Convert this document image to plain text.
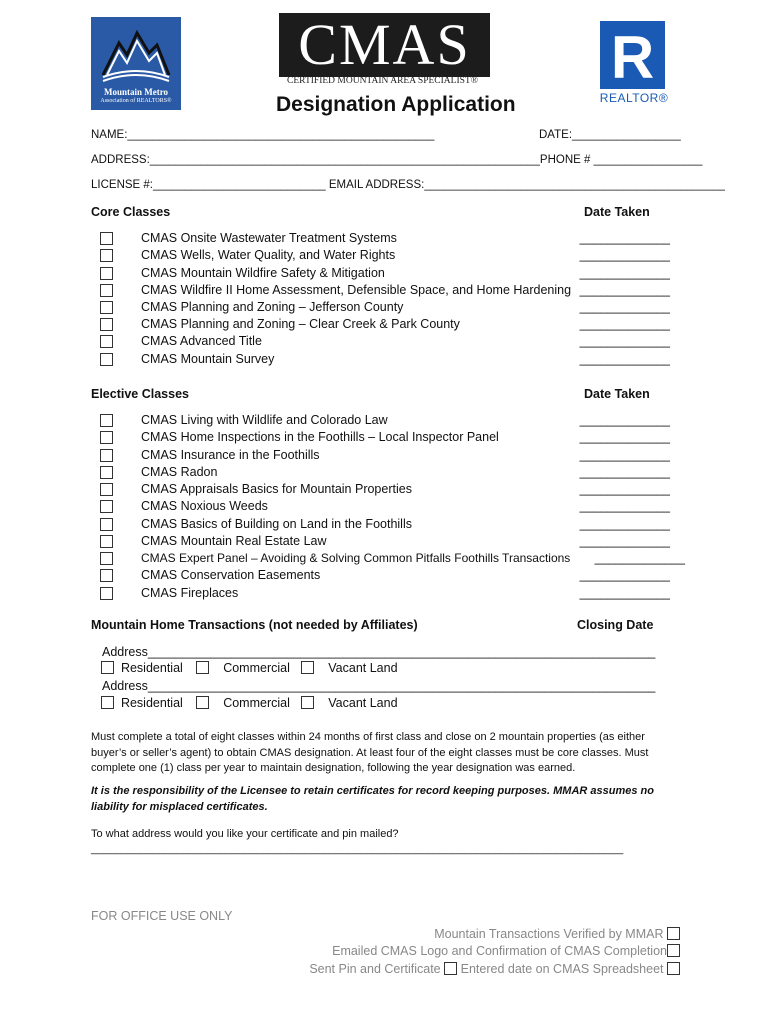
Mountain Metro
Association of REALTORS®
CMAS
CERTIFIED MOUNTAIN AREA SPECIALIST® R
REALTOR®
Designation Application
NAME:________________________________________________	DATE:_________________
ADDRESS:_____________________________________________________________PHONE # _________________
LICENSE #:___________________________ EMAIL ADDRESS:_______________________________________________
Core Classes	Date Taken
CMAS Onsite Wastewater Treatment Systems	_____________
CMAS Wells, Water Quality, and Water Rights	_____________
CMAS Mountain Wildfire Safety & Mitigation	_____________
CMAS Wildfire II Home Assessment, Defensible Space, and Home Hardening _____________
CMAS Planning and Zoning – Jefferson County	_____________
CMAS Planning and Zoning – Clear Creek & Park County	_____________
CMAS Advanced Title	_____________
CMAS Mountain Survey	_____________
Elective Classes	Date Taken
CMAS Living with Wildlife and Colorado Law	_____________
CMAS Home Inspections in the Foothills – Local Inspector Panel	_____________
CMAS Insurance in the Foothills	_____________
CMAS Radon	_____________
CMAS Appraisals Basics for Mountain Properties	_____________
CMAS Noxious Weeds	_____________
CMAS Basics of Building on Land in the Foothills	_____________
CMAS Mountain Real Estate Law	_____________
CMAS Expert Panel – Avoiding & Solving Common Pitfalls Foothills Transactions _____________
CMAS Conservation Easements	_____________
CMAS Fireplaces	_____________
Mountain Home Transactions (not needed by Affiliates)	Closing Date
Address_________________________________________________________________________
Residential	Commercial	Vacant Land
Address_________________________________________________________________________
Residential	Commercial	Vacant Land
Must complete a total of eight classes within 24 months of first class and close on 2 mountain properties (as either buyer’s or seller’s agent) to obtain CMAS designation. At least four of the eight classes must be core classes. Must complete one (1) class per year to maintain designation, following the year designation was earned.
It is the responsibility of the Licensee to retain certificates for record keeping purposes. MMAR assumes no liability for misplaced certificates.
To what address would you like your certificate and pin mailed?
_______________________________________________________________________________________
FOR OFFICE USE ONLY
Mountain Transactions Verified by MMAR
Emailed CMAS Logo and Confirmation of CMAS Completion
Sent Pin and Certificate Entered date on CMAS Spreadsheet
